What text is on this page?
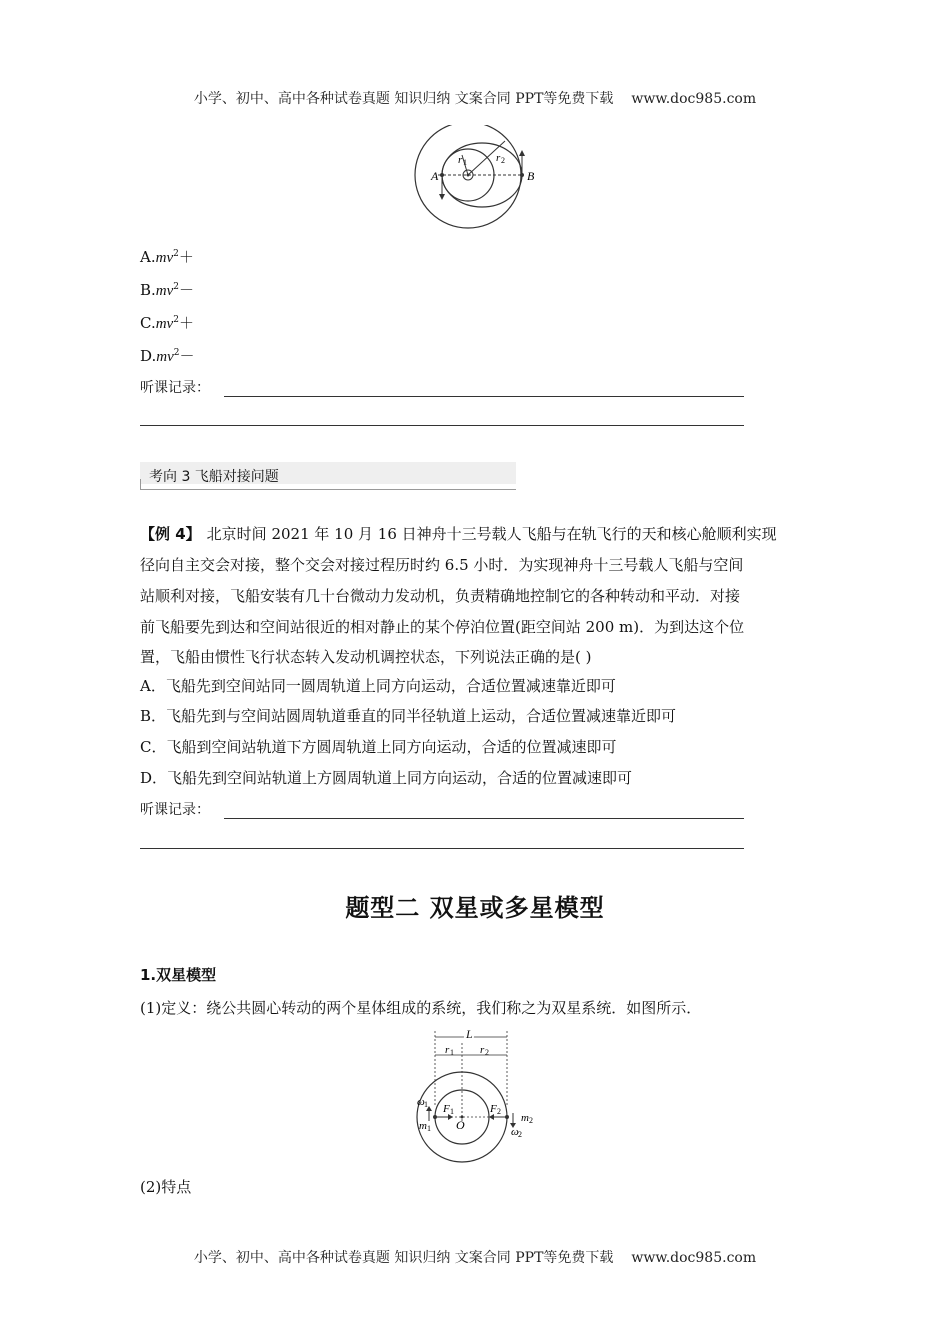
小学、初中、高中各种试卷真题 知识归纳 文案合同 PPT等免费下载 www.doc985.com
A	B
r 1	r 2
$A.mv^2+$
$B.mv^2-$
$C.mv^2+$
$D.mv^2-$
听课记录：
考向 3 飞船对接问题
【例 4】 北京时间 2021 年 10 月 16 日神舟十三号载人飞船与在轨飞行的天和核心舱顺利实现
径向自主交会对接，整个交会对接过程历时约 6.5 小时．为实现神舟十三号载人飞船与空间
站顺利对接，飞船安装有几十台微动力发动机，负责精确地控制它的各种转动和平动．对接
前飞船要先到达和空间站很近的相对静止的某个停泊位置(距空间站 200 m)．为到达这个位
置，飞船由惯性飞行状态转入发动机调控状态，下列说法正确的是( )
A．飞船先到空间站同一圆周轨道上同方向运动，合适位置减速靠近即可
B．飞船先到与空间站圆周轨道垂直的同半径轨道上运动，合适位置减速靠近即可
C．飞船到空间站轨道下方圆周轨道上同方向运动，合适的位置减速即可
D．飞船先到空间站轨道上方圆周轨道上同方向运动，合适的位置减速即可
听课记录：
题型二 双星或多星模型
1.双星模型
(1)定义：绕公共圆心转动的两个星体组成的系统，我们称之为双星系统．如图所示．
L
r 1 r 2
ω 1
m 1
F 1
O
F 2
m 2
ω 2
(2)特点
小学、初中、高中各种试卷真题 知识归纳 文案合同 PPT等免费下载 www.doc985.com
